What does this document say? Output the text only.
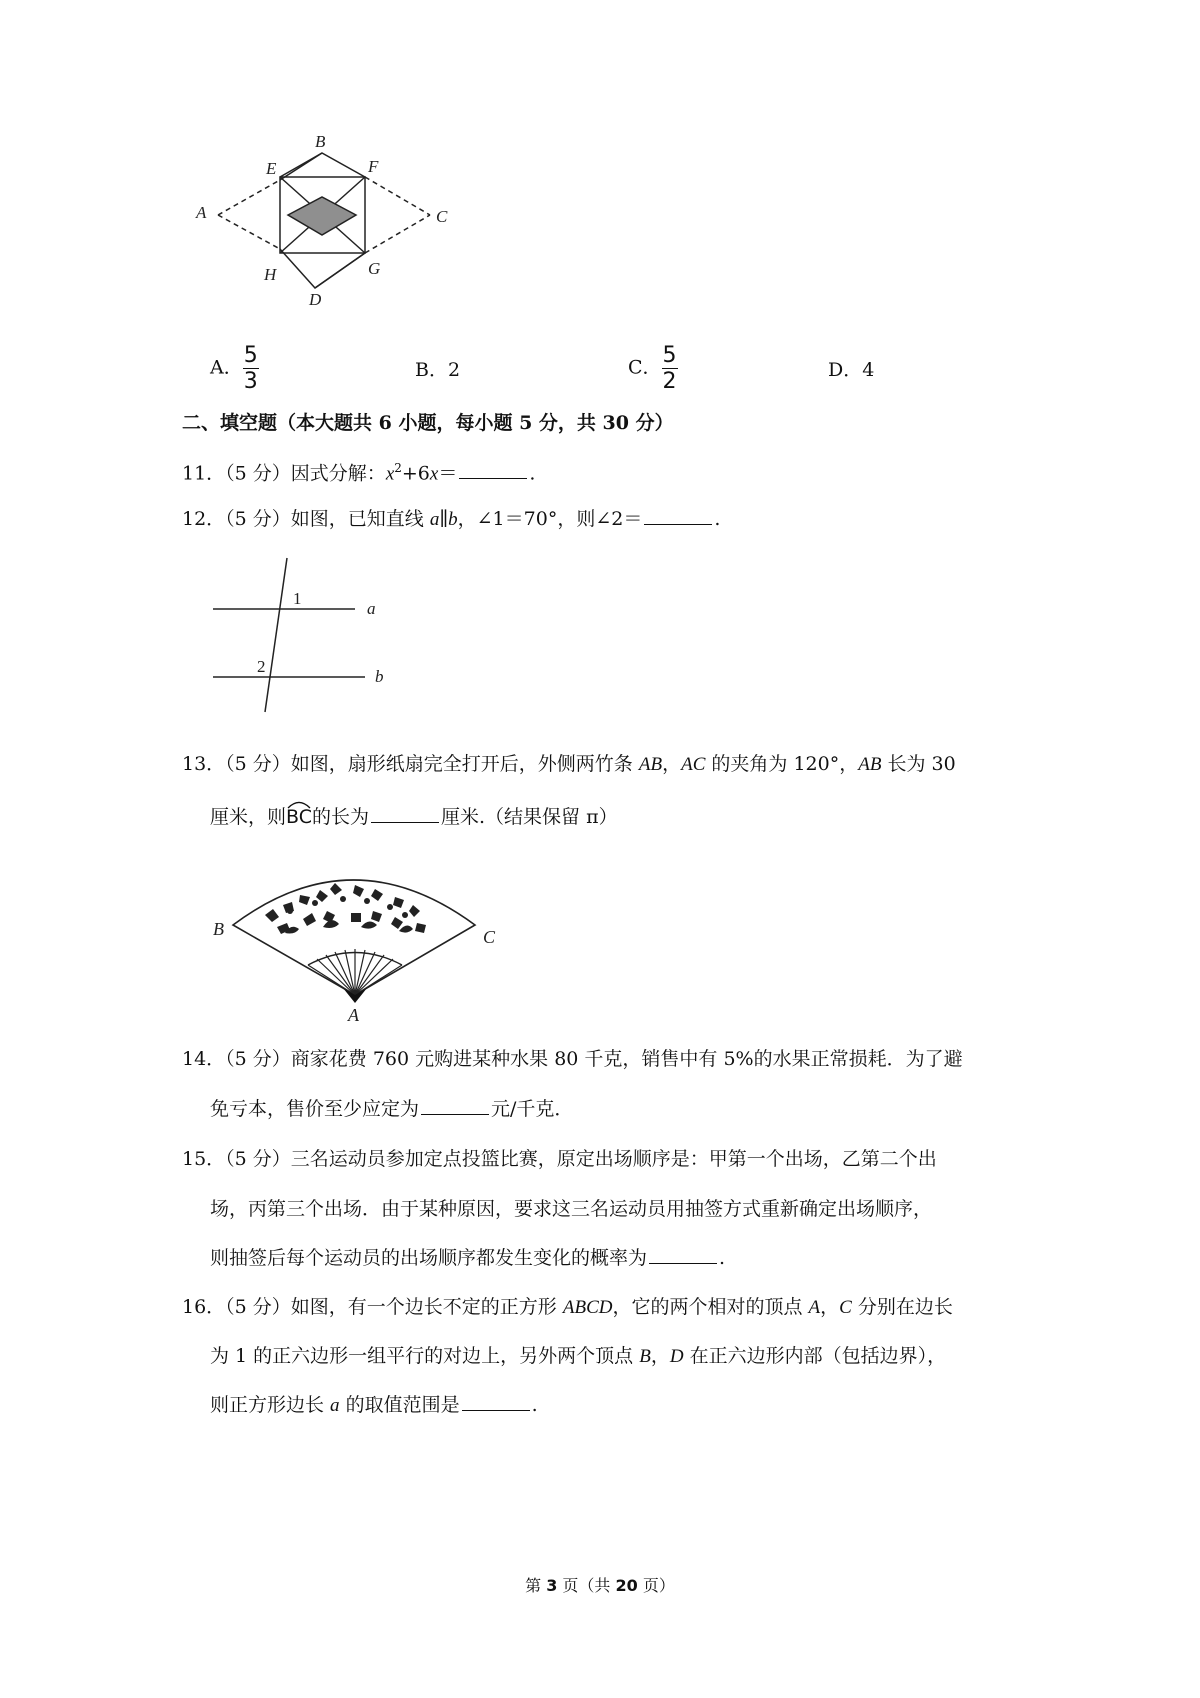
A
B
C
D
E	F
G
H
A． $\frac{5}{3}$	B．2	C． $\frac{5}{2}$	D．4
二、填空题（本大题共 6 小题，每小题 5 分，共 30 分）
11．（5 分）因式分解：$x^2+6x=$	.
12．（5 分）如图，已知直线 a∥b，∠1＝70°，则∠2＝	.
1
2
a
b
13．（5 分）如图，扇形纸扇完全打开后，外侧两竹条 AB，AC 的夹角为 120°，AB 长为 30
厘米，则
BC的长为	厘米.（结果保留 π）
B	C
A
14．（5 分）商家花费 760 元购进某种水果 80 千克，销售中有 5%的水果正常损耗．为了避
免亏本，售价至少应定为	元/千克．
15．（5 分）三名运动员参加定点投篮比赛，原定出场顺序是：甲第一个出场，乙第二个出
场，丙第三个出场．由于某种原因，要求这三名运动员用抽签方式重新确定出场顺序，
则抽签后每个运动员的出场顺序都发生变化的概率为	.
16．（5 分）如图，有一个边长不定的正方形 ABCD，它的两个相对的顶点 A，C 分别在边长
为 1 的正六边形一组平行的对边上，另外两个顶点 B，D 在正六边形内部（包括边界），
则正方形边长 a 的取值范围是	.
第 3 页（共 20 页）
